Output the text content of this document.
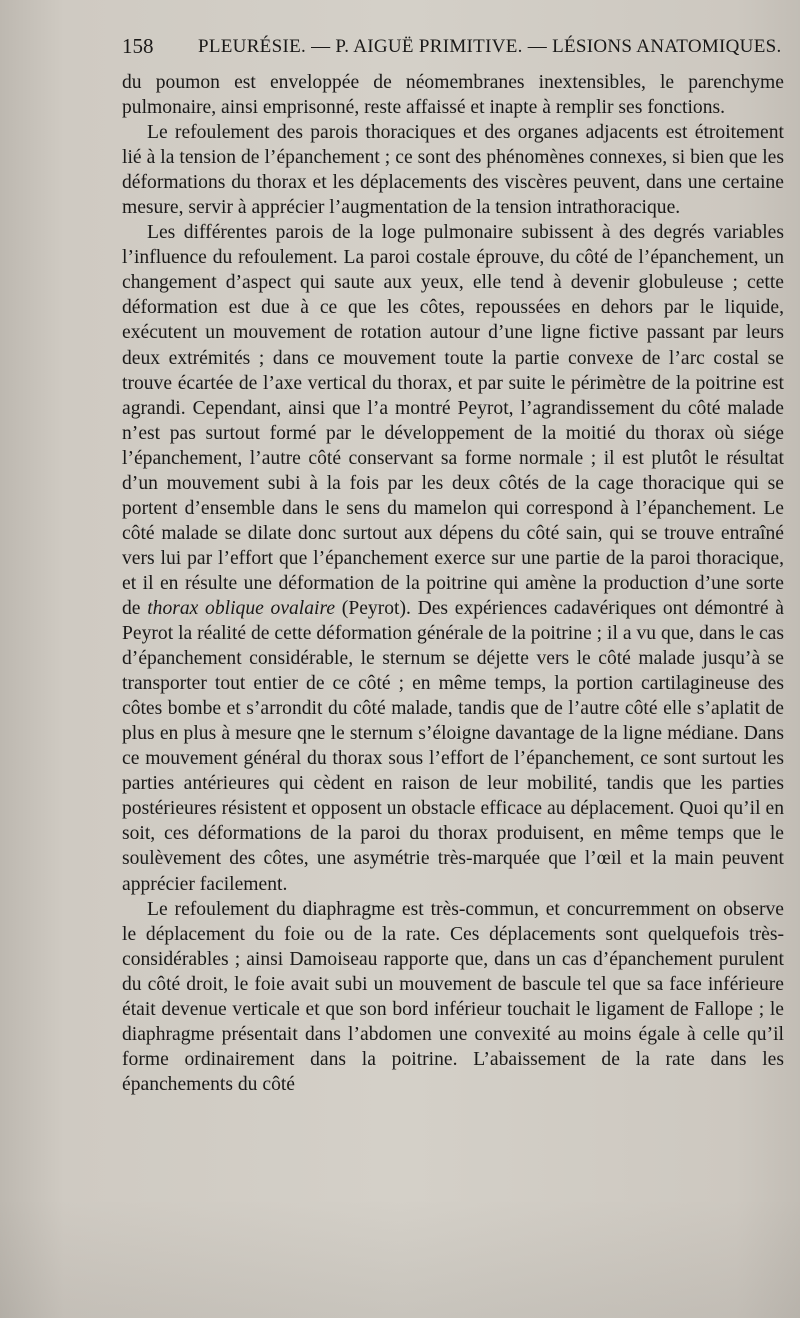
158 PLEURÉSIE. — P. AIGUË PRIMITIVE. — LÉSIONS ANATOMIQUES.

du poumon est enveloppée de néomembranes inextensibles, le parenchyme pulmonaire, ainsi emprisonné, reste affaissé et inapte à remplir ses fonctions.

Le refoulement des parois thoraciques et des organes adjacents est étroitement lié à la tension de l’épanchement ; ce sont des phénomènes connexes, si bien que les déformations du thorax et les déplacements des viscères peuvent, dans une certaine mesure, servir à apprécier l’augmentation de la tension intrathoracique.

Les différentes parois de la loge pulmonaire subissent à des degrés variables l’influence du refoulement. La paroi costale éprouve, du côté de l’épanchement, un changement d’aspect qui saute aux yeux, elle tend à devenir globuleuse ; cette déformation est due à ce que les côtes, repoussées en dehors par le liquide, exécutent un mouvement de rotation autour d’une ligne fictive passant par leurs deux extrémités ; dans ce mouvement toute la partie convexe de l’arc costal se trouve écartée de l’axe vertical du thorax, et par suite le périmètre de la poitrine est agrandi. Cependant, ainsi que l’a montré Peyrot, l’agrandissement du côté malade n’est pas surtout formé par le développement de la moitié du thorax où siége l’épanchement, l’autre côté conservant sa forme normale ; il est plutôt le résultat d’un mouvement subi à la fois par les deux côtés de la cage thoracique qui se portent d’ensemble dans le sens du mamelon qui correspond à l’épanchement. Le côté malade se dilate donc surtout aux dépens du côté sain, qui se trouve entraîné vers lui par l’effort que l’épanchement exerce sur une partie de la paroi thoracique, et il en résulte une déformation de la poitrine qui amène la production d’une sorte de thorax oblique ovalaire (Peyrot). Des expériences cadavériques ont démontré à Peyrot la réalité de cette déformation générale de la poitrine ; il a vu que, dans le cas d’épanchement considérable, le sternum se déjette vers le côté malade jusqu’à se transporter tout entier de ce côté ; en même temps, la portion cartilagineuse des côtes bombe et s’arrondit du côté malade, tandis que de l’autre côté elle s’aplatit de plus en plus à mesure qne le sternum s’éloigne davantage de la ligne médiane. Dans ce mouvement général du thorax sous l’effort de l’épanchement, ce sont surtout les parties antérieures qui cèdent en raison de leur mobilité, tandis que les parties postérieures résistent et opposent un obstacle efficace au déplacement. Quoi qu’il en soit, ces déformations de la paroi du thorax produisent, en même temps que le soulèvement des côtes, une asymétrie très-marquée que l’œil et la main peuvent apprécier facilement.

Le refoulement du diaphragme est très-commun, et concurremment on observe le déplacement du foie ou de la rate. Ces déplacements sont quelquefois très-considérables ; ainsi Damoiseau rapporte que, dans un cas d’épanchement purulent du côté droit, le foie avait subi un mouvement de bascule tel que sa face inférieure était devenue verticale et que son bord inférieur touchait le ligament de Fallope ; le diaphragme présentait dans l’abdomen une convexité au moins égale à celle qu’il forme ordinairement dans la poitrine. L’abaissement de la rate dans les épanchements du côté
